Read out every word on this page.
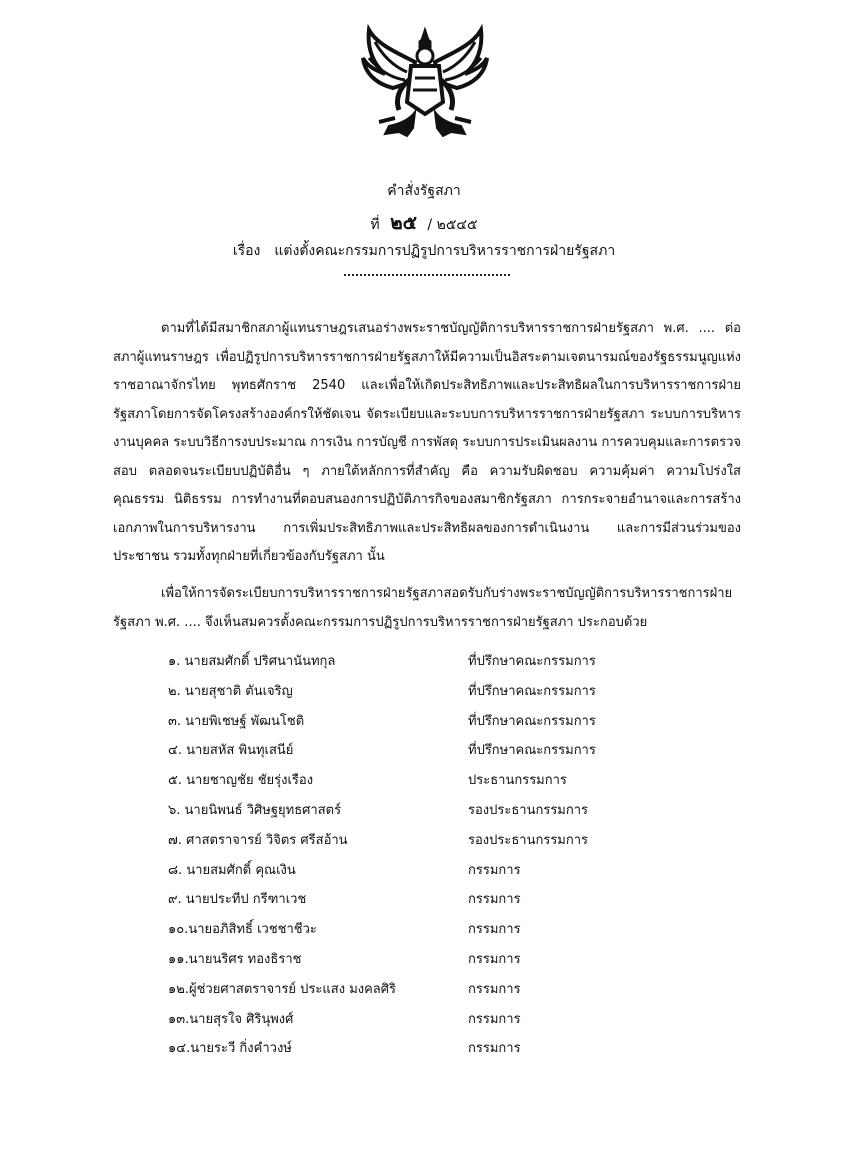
คำสั่งรัฐสภา
ที่ ๒๕ / ๒๕๔๕
เรื่อง แต่งตั้งคณะกรรมการปฏิรูปการบริหารราชการฝ่ายรัฐสภา
ตามที่ได้มีสมาชิกสภาผู้แทนราษฎรเสนอร่างพระราชบัญญัติการบริหารราชการฝ่ายรัฐสภา พ.ศ. .... ต่อสภาผู้แทนราษฎร เพื่อปฏิรูปการบริหารราชการฝ่ายรัฐสภาให้มีความเป็นอิสระตามเจตนารมณ์ของรัฐธรรมนูญแห่งราชอาณาจักรไทย พุทธศักราช 2540 และเพื่อให้เกิดประสิทธิภาพและประสิทธิผลในการบริหารราชการฝ่ายรัฐสภาโดยการจัดโครงสร้างองค์กรให้ชัดเจน จัดระเบียบและระบบการบริหารราชการฝ่ายรัฐสภา ระบบการบริหารงานบุคคล ระบบวิธีการงบประมาณ การเงิน การบัญชี การพัสดุ ระบบการประเมินผลงาน การควบคุมและการตรวจสอบ ตลอดจนระเบียบปฏิบัติอื่น ๆ ภายใต้หลักการที่สำคัญ คือ ความรับผิดชอบ ความคุ้มค่า ความโปร่งใส คุณธรรม นิติธรรม การทำงานที่ตอบสนองการปฏิบัติภารกิจของสมาชิกรัฐสภา การกระจายอำนาจและการสร้างเอกภาพในการบริหารงาน การเพิ่มประสิทธิภาพและประสิทธิผลของการดำเนินงาน และการมีส่วนร่วมของประชาชน รวมทั้งทุกฝ่ายที่เกี่ยวข้องกับรัฐสภา นั้น
เพื่อให้การจัดระเบียบการบริหารราชการฝ่ายรัฐสภาสอดรับกับร่างพระราชบัญญัติการบริหารราชการฝ่ายรัฐสภา พ.ศ. .... จึงเห็นสมควรตั้งคณะกรรมการปฏิรูปการบริหารราชการฝ่ายรัฐสภา ประกอบด้วย
๑. นายสมศักดิ์ ปริศนานันทกุล	ที่ปรึกษาคณะกรรมการ
๒. นายสุชาติ ตันเจริญ	ที่ปรึกษาคณะกรรมการ
๓. นายพิเชษฐ์ พัฒนโชติ	ที่ปรึกษาคณะกรรมการ
๔. นายสหัส พินทุเสนีย์	ที่ปรึกษาคณะกรรมการ
๕. นายชาญชัย ชัยรุ่งเรือง	ประธานกรรมการ
๖. นายนิพนธ์ วิศิษฐยุทธศาสตร์	รองประธานกรรมการ
๗. ศาสตราจารย์ วิจิตร ศรีสอ้าน	รองประธานกรรมการ
๘. นายสมศักดิ์ คุณเงิน	กรรมการ
๙. นายประทีป กรีฑาเวช	กรรมการ
๑๐.นายอภิสิทธิ์ เวชชาชีวะ	กรรมการ
๑๑.นายนริศร ทองธิราช	กรรมการ
๑๒.ผู้ช่วยศาสตราจารย์ ประแสง มงคลศิริ	กรรมการ
๑๓.นายสุรใจ ศิรินุพงศ์	กรรมการ
๑๔.นายระวี กิ่งคำวงษ์	กรรมการ
